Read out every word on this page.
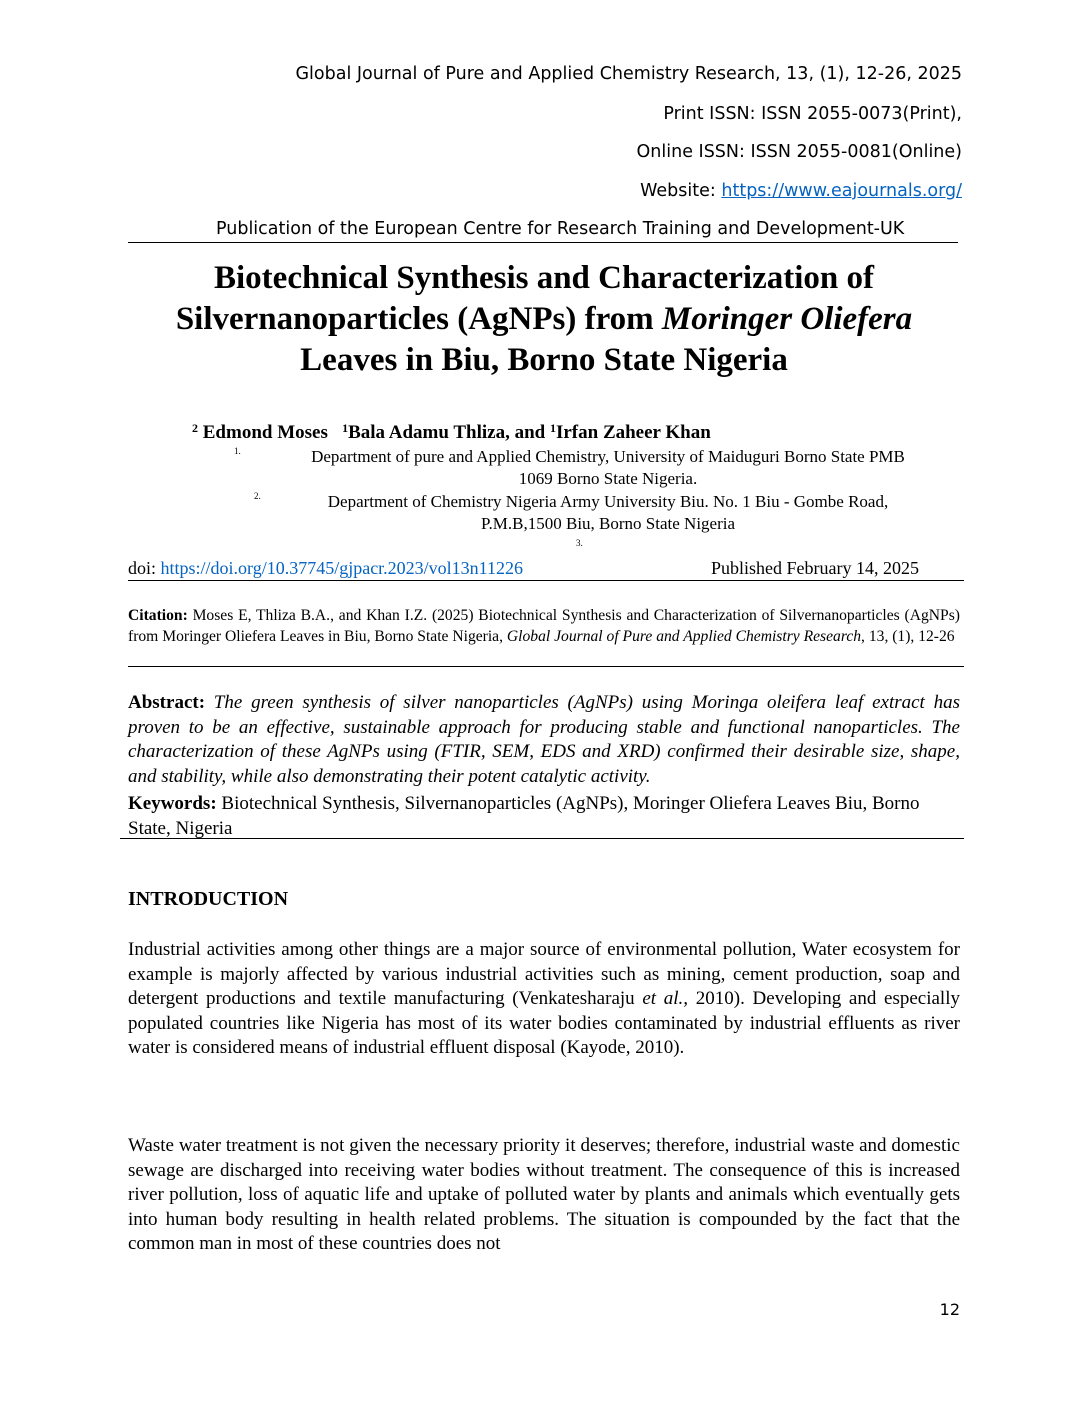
Global Journal of Pure and Applied Chemistry Research, 13, (1), 12-26, 2025
Print ISSN: ISSN 2055-0073(Print),
Online ISSN: ISSN 2055-0081(Online)
Website: https://www.eajournals.org/
Publication of the European Centre for Research Training and Development-UK
Biotechnical Synthesis and Characterization of
Silvernanoparticles (AgNPs) from Moringer Oliefera
Leaves in Biu, Borno State Nigeria
$^2$ Edmond Moses   $^1$Bala Adamu Thliza, and $^1$Irfan Zaheer Khan
1.	Department of pure and Applied Chemistry, University of Maiduguri Borno State PMB
1069 Borno State Nigeria.
2.	Department of Chemistry Nigeria Army University Biu. No. 1 Biu - Gombe Road,
P.M.B,1500 Biu, Borno State Nigeria
3.
doi: https://doi.org/10.37745/gjpacr.2023/vol13n11226	Published February 14, 2025
Citation: Moses E, Thliza B.A., and Khan I.Z. (2025) Biotechnical Synthesis and Characterization of Silvernanoparticles (AgNPs) from Moringer Oliefera Leaves in Biu, Borno State Nigeria, Global Journal of Pure and Applied Chemistry Research, 13, (1), 12-26
Abstract: The green synthesis of silver nanoparticles (AgNPs) using Moringa oleifera leaf extract has proven to be an effective, sustainable approach for producing stable and functional nanoparticles. The characterization of these AgNPs using (FTIR, SEM, EDS and XRD) confirmed their desirable size, shape, and stability, while also demonstrating their potent catalytic activity.
Keywords: Biotechnical Synthesis, Silvernanoparticles (AgNPs), Moringer Oliefera Leaves Biu, Borno State, Nigeria
INTRODUCTION
Industrial activities among other things are a major source of environmental pollution, Water ecosystem for example is majorly affected by various industrial activities such as mining, cement production, soap and detergent productions and textile manufacturing (Venkatesharaju et al., 2010). Developing and especially populated countries like Nigeria has most of its water bodies contaminated by industrial effluents as river water is considered means of industrial effluent disposal (Kayode, 2010).
Waste water treatment is not given the necessary priority it deserves; therefore, industrial waste and domestic sewage are discharged into receiving water bodies without treatment. The consequence of this is increased river pollution, loss of aquatic life and uptake of polluted water by plants and animals which eventually gets into human body resulting in health related problems. The situation is compounded by the fact that the common man in most of these countries does not
12
